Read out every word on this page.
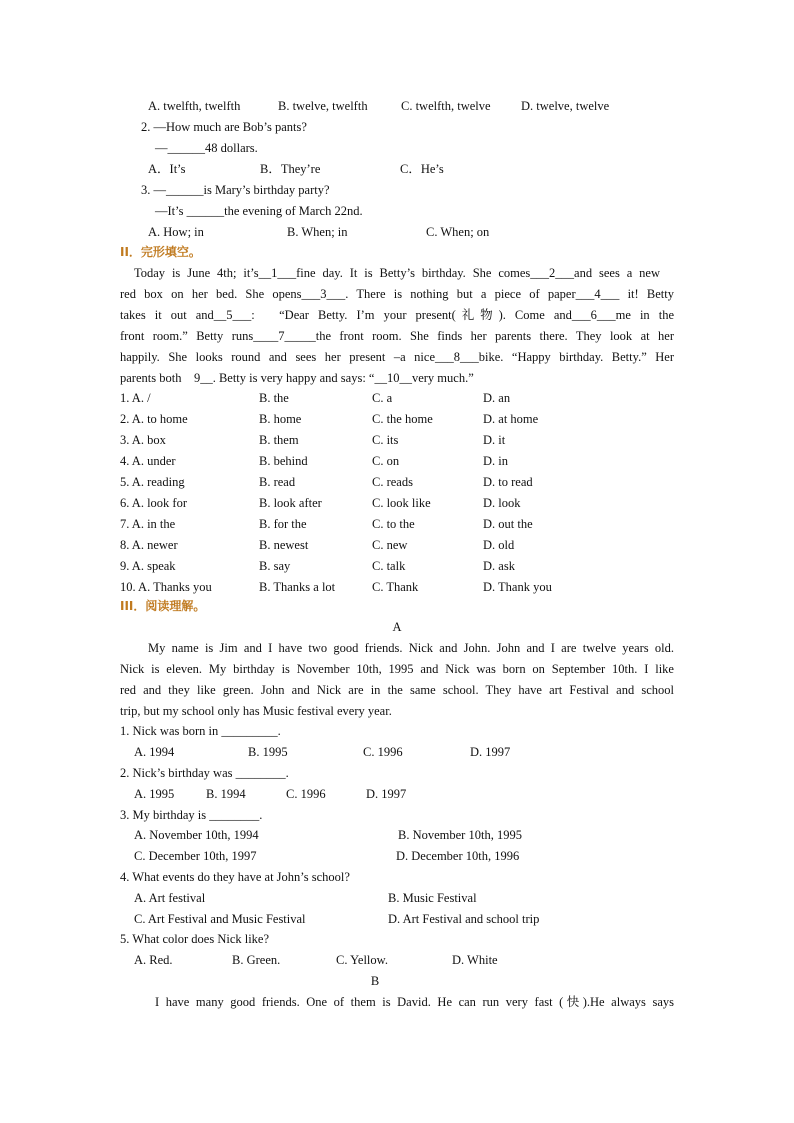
A. twelfth, twelfth	B. twelve, twelfth	C. twelfth, twelve D. twelve, twelve
2. —How much are Bob’s pants?
—______48 dollars.
A．It’s	B．They’re	C．He’s
3. —______is Mary’s birthday party?
—It’s ______the evening of March 22nd.
A. How; in	B. When; in	C. When; on
II．完形填空。
Today is June 4th; it’s__1___fine day. It is Betty’s birthday. She comes___2___and sees a new
red box on her bed. She opens___3___. There is nothing but a piece of paper___4___ it! Betty
takes it out and__5___:　“Dear Betty. I’m your present(礼物). Come and___6___me in the
front room.” Betty runs____7_____the front room. She finds her parents there. They look at her
happily. She looks round and sees her present –a nice___8___bike. “Happy birthday. Betty.” Her
parents both　9__. Betty is very happy and says: “__10__very much.”
1. A. /	B. the	C. a	D. an
2. A. to home	B. home	C. the home	D. at home
3. A. box	B. them	C. its	D. it
4. A. under	B. behind	C. on	D. in
5. A. reading	B. read	C. reads	D. to read
6. A. look for	B. look after	C. look like	D. look
7. A. in the	B. for the	C. to the	D. out the
8. A. newer	B. newest	C. new	D. old
9. A. speak	B. say	C. talk	D. ask
10. A. Thanks you	B. Thanks a lot	C. Thank	D. Thank you
III．阅读理解。
A
My name is Jim and I have two good friends. Nick and John. John and I are twelve years old.
Nick is eleven. My birthday is November 10th, 1995 and Nick was born on September 10th. I like
red and they like green. John and Nick are in the same school. They have art Festival and school
trip, but my school only has Music festival every year.
1. Nick was born in _________.
A. 1994	B. 1995	C. 1996	D. 1997
2. Nick’s birthday was ________.
A. 1995	B. 1994	C. 1996	D. 1997
3. My birthday is ________.
A. November 10th, 1994	B. November 10th, 1995
C. December 10th, 1997	D. December 10th, 1996
4. What events do they have at John’s school?
A. Art festival	B. Music Festival
C. Art Festival and Music Festival	D. Art Festival and school trip
5. What color does Nick like?
A. Red.	B. Green.	C. Yellow.	D. White
B
I have many good friends. One of them is David. He can run very fast (快).He always says
